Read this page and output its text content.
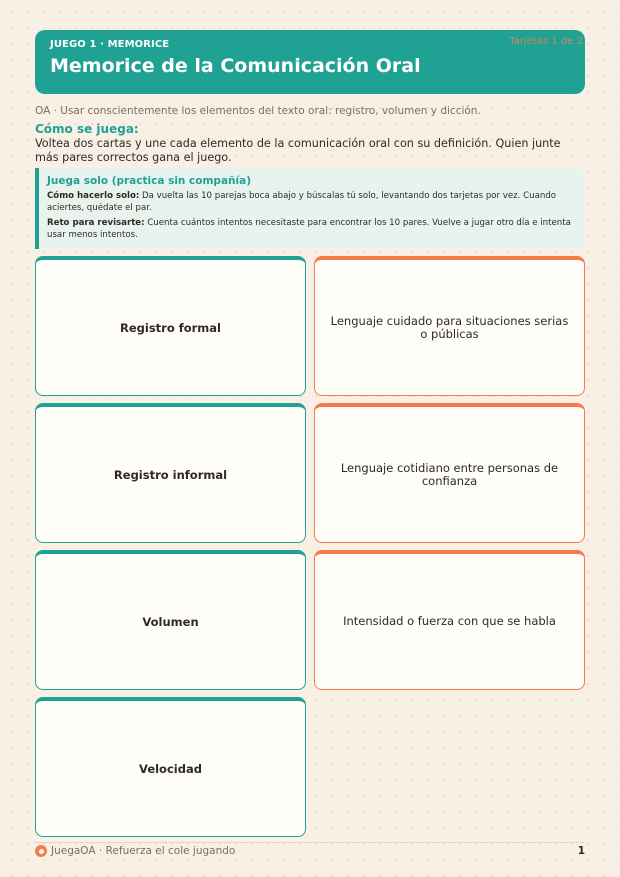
JUEGO 1 · MEMORICE
Memorice de la Comunicación Oral
Tarjetas 1 de 2
OA · Usar conscientemente los elementos del texto oral: registro, volumen y dicción.
Cómo se juega:
Voltea dos cartas y une cada elemento de la comunicación oral con su definición. Quien junte más pares correctos gana el juego.
Juega solo (practica sin compañía)
Cómo hacerlo solo: Da vuelta las 10 parejas boca abajo y búscalas tú solo, levantando dos tarjetas por vez. Cuando aciertes, quédate el par.
Reto para revisarte: Cuenta cuántos intentos necesitaste para encontrar los 10 pares. Vuelve a jugar otro día e intenta usar menos intentos.
Registro formal	Lenguaje cuidado para situaciones serias o públicas
Registro informal	Lenguaje cotidiano entre personas de confianza
Volumen	Intensidad o fuerza con que se habla
Velocidad
JuegaOA · Refuerza el cole jugando	1
